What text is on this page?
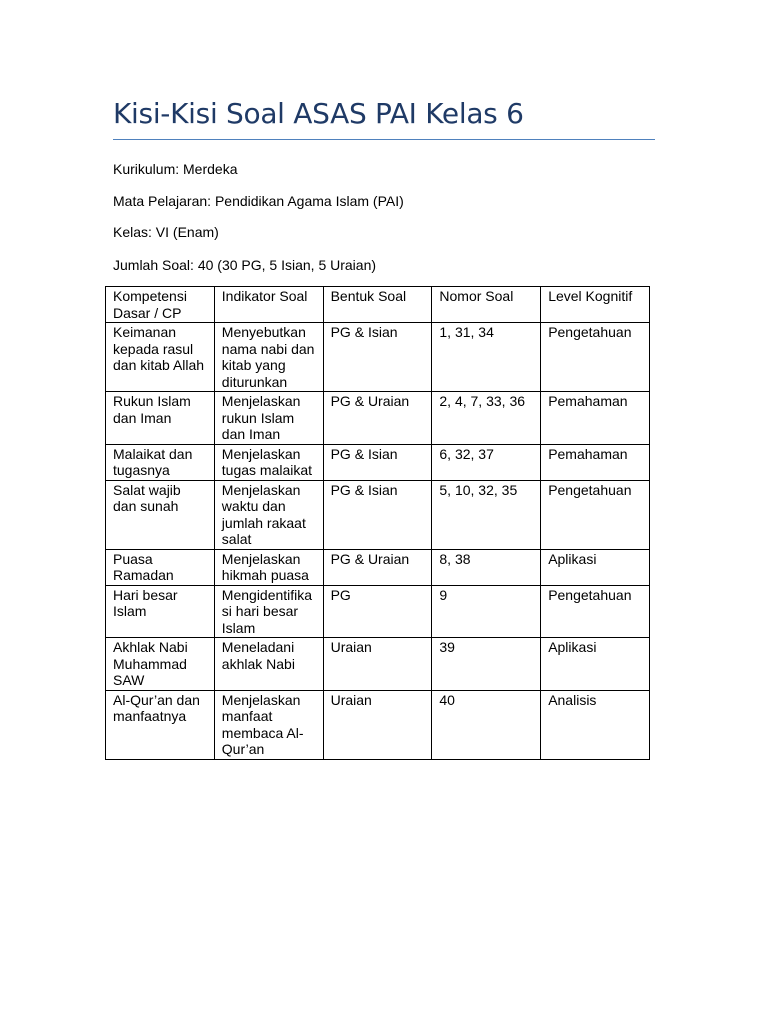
Kisi-Kisi Soal ASAS PAI Kelas 6

Kurikulum: Merdeka

Mata Pelajaran: Pendidikan Agama Islam (PAI)

Kelas: VI (Enam)

Jumlah Soal: 40 (30 PG, 5 Isian, 5 Uraian)

Kompetensi Dasar / CP	Indikator Soal	Bentuk Soal	Nomor Soal	Level Kognitif
Keimanan kepada rasul dan kitab Allah	Menyebutkan nama nabi dan kitab yang diturunkan	PG & Isian	1, 31, 34	Pengetahuan
Rukun Islam dan Iman	Menjelaskan rukun Islam dan Iman	PG & Uraian	2, 4, 7, 33, 36	Pemahaman
Malaikat dan tugasnya	Menjelaskan tugas malaikat	PG & Isian	6, 32, 37	Pemahaman
Salat wajib dan sunah	Menjelaskan waktu dan jumlah rakaat salat	PG & Isian	5, 10, 32, 35	Pengetahuan
Puasa Ramadan	Menjelaskan hikmah puasa	PG & Uraian	8, 38	Aplikasi
Hari besar Islam	Mengidentifikasi hari besar Islam	PG	9	Pengetahuan
Akhlak Nabi Muhammad SAW	Meneladani akhlak Nabi	Uraian	39	Aplikasi
Al-Qur’an dan manfaatnya	Menjelaskan manfaat membaca Al-Qur’an	Uraian	40	Analisis
